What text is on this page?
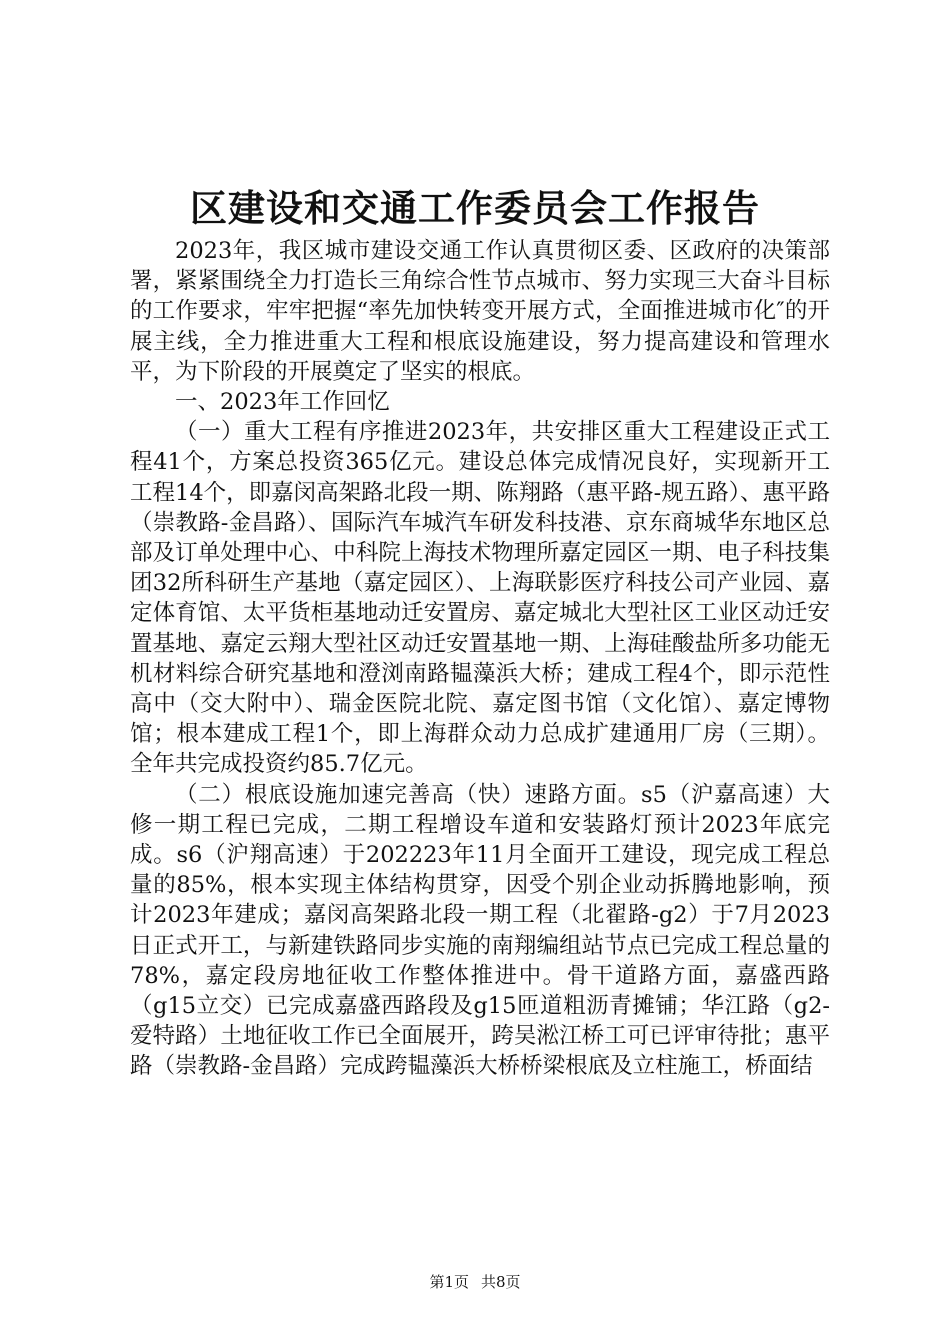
区建设和交通工作委员会工作报告

2023年，我区城市建设交通工作认真贯彻区委、区政府的决策部署，紧紧围绕全力打造长三角综合性节点城市、努力实现三大奋斗目标的工作要求，牢牢把握“率先加快转变开展方式，全面推进城市化″的开展主线，全力推进重大工程和根底设施建设，努力提高建设和管理水平，为下阶段的开展奠定了坚实的根底。

一、2023年工作回忆

（一）重大工程有序推进2023年，共安排区重大工程建设正式工程41个，方案总投资365亿元。建设总体完成情况良好，实现新开工工程14个，即嘉闵高架路北段一期、陈翔路（惠平路-规五路）、惠平路（崇教路-金昌路）、国际汽车城汽车研发科技港、京东商城华东地区总部及订单处理中心、中科院上海技术物理所嘉定园区一期、电子科技集团32所科研生产基地（嘉定园区）、上海联影医疗科技公司产业园、嘉定体育馆、太平货柜基地动迁安置房、嘉定城北大型社区工业区动迁安置基地、嘉定云翔大型社区动迁安置基地一期、上海硅酸盐所多功能无机材料综合研究基地和澄浏南路韫藻浜大桥；建成工程4个，即示范性高中（交大附中）、瑞金医院北院、嘉定图书馆（文化馆）、嘉定博物馆；根本建成工程1个，即上海群众动力总成扩建通用厂房（三期）。全年共完成投资约85.7亿元。

（二）根底设施加速完善高（快）速路方面。s5（沪嘉高速）大修一期工程已完成，二期工程增设车道和安装路灯预计2023年底完成。s6（沪翔高速）于202223年11月全面开工建设，现完成工程总量的85%，根本实现主体结构贯穿，因受个别企业动拆腾地影响，预计2023年建成；嘉闵高架路北段一期工程（北翟路-g2）于7月2023日正式开工，与新建铁路同步实施的南翔编组站节点已完成工程总量的78%，嘉定段房地征收工作整体推进中。骨干道路方面，嘉盛西路（g15立交）已完成嘉盛西路段及g15匝道粗沥青摊铺；华江路（g2-爱特路）土地征收工作已全面展开，跨吴淞江桥工可已评审待批；惠平路（崇教路-金昌路）完成跨韫藻浜大桥桥梁根底及立柱施工，桥面结

第1页 共8页
